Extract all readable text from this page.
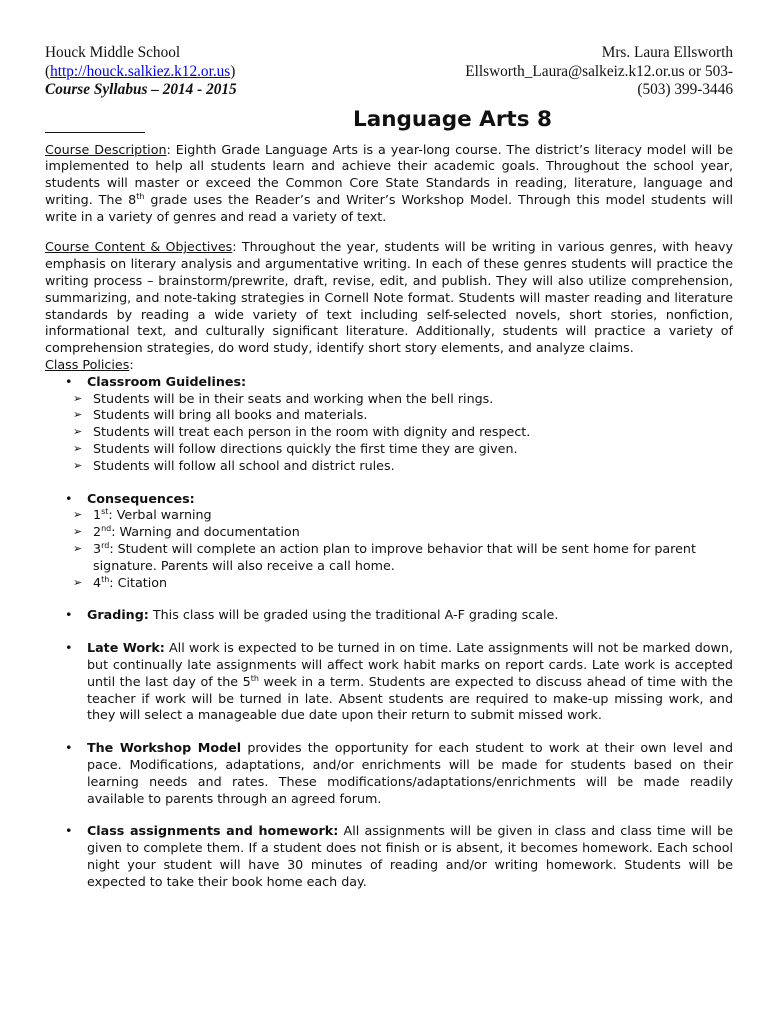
Houck Middle School	Mrs. Laura Ellsworth
(http://houck.salkiez.k12.or.us)	Ellsworth_Laura@salkeiz.k12.or.us or 503-
Course Syllabus – 2014 - 2015	(503) 399-3446
Language Arts 8

Course Description: Eighth Grade Language Arts is a year-long course. The district’s literacy model will be implemented to help all students learn and achieve their academic goals. Throughout the school year, students will master or exceed the Common Core State Standards in reading, literature, language and writing. The 8th grade uses the Reader’s and Writer’s Workshop Model. Through this model students will write in a variety of genres and read a variety of text.

Course Content & Objectives: Throughout the year, students will be writing in various genres, with heavy emphasis on literary analysis and argumentative writing. In each of these genres students will practice the writing process – brainstorm/prewrite, draft, revise, edit, and publish. They will also utilize comprehension, summarizing, and note-taking strategies in Cornell Note format. Students will master reading and literature standards by reading a wide variety of text including self-selected novels, short stories, nonfiction, informational text, and culturally significant literature. Additionally, students will practice a variety of comprehension strategies, do word study, identify short story elements, and analyze claims.

Class Policies:
• Classroom Guidelines:
➢ Students will be in their seats and working when the bell rings.
➢ Students will bring all books and materials.
➢ Students will treat each person in the room with dignity and respect.
➢ Students will follow directions quickly the first time they are given.
➢ Students will follow all school and district rules.
• Consequences:
➢ 1st: Verbal warning
➢ 2nd: Warning and documentation
➢ 3rd: Student will complete an action plan to improve behavior that will be sent home for parent signature. Parents will also receive a call home.
➢ 4th: Citation
• Grading: This class will be graded using the traditional A-F grading scale.
• Late Work: All work is expected to be turned in on time. Late assignments will not be marked down, but continually late assignments will affect work habit marks on report cards. Late work is accepted until the last day of the 5th week in a term. Students are expected to discuss ahead of time with the teacher if work will be turned in late. Absent students are required to make-up missing work, and they will select a manageable due date upon their return to submit missed work.
• The Workshop Model provides the opportunity for each student to work at their own level and pace. Modifications, adaptations, and/or enrichments will be made for students based on their learning needs and rates. These modifications/adaptations/enrichments will be made readily available to parents through an agreed forum.
• Class assignments and homework: All assignments will be given in class and class time will be given to complete them. If a student does not finish or is absent, it becomes homework. Each school night your student will have 30 minutes of reading and/or writing homework. Students will be expected to take their book home each day.
